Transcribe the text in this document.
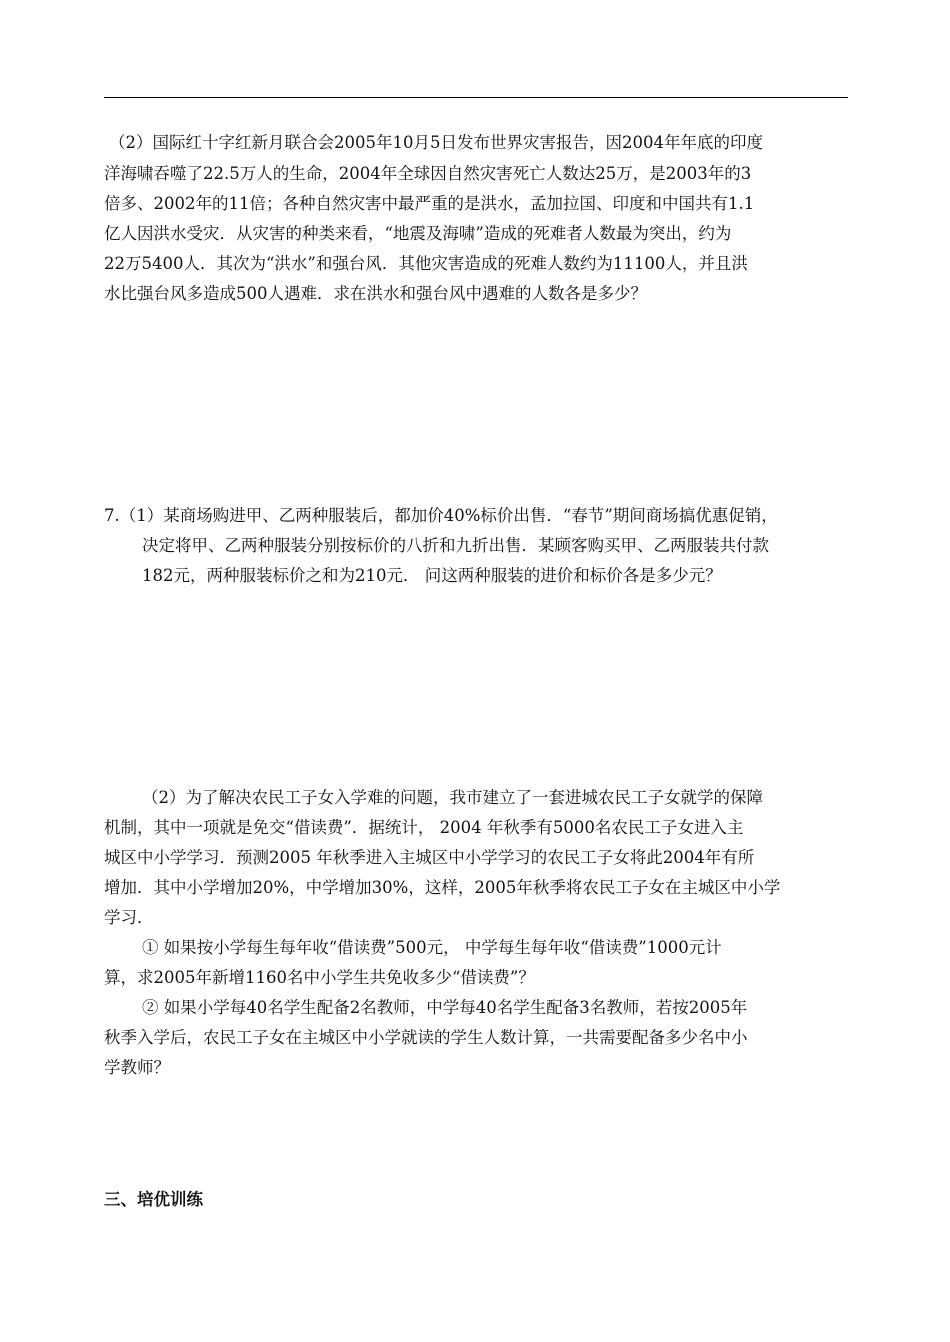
（2）国际红十字红新月联合会2005年10月5日发布世界灾害报告，因2004年年底的印度
洋海啸吞噬了22.5万人的生命，2004年全球因自然灾害死亡人数达25万，是2003年的3
倍多、2002年的11倍；各种自然灾害中最严重的是洪水，孟加拉国、印度和中国共有1.1
亿人因洪水受灾．从灾害的种类来看，“地震及海啸”造成的死难者人数最为突出，约为
22万5400人．其次为“洪水”和强台风．其他灾害造成的死难人数约为11100人，并且洪
水比强台风多造成500人遇难．求在洪水和强台风中遇难的人数各是多少？
7.（1）某商场购进甲、乙两种服装后，都加价40%标价出售．“春节”期间商场搞优惠促销，
决定将甲、乙两种服装分别按标价的八折和九折出售．某顾客购买甲、乙两服装共付款
182元，两种服装标价之和为210元． 问这两种服装的进价和标价各是多少元？
（2）为了解决农民工子女入学难的问题，我市建立了一套进城农民工子女就学的保障
机制，其中一项就是免交“借读费”．据统计， 2004 年秋季有5000名农民工子女进入主
城区中小学学习．预测2005 年秋季进入主城区中小学学习的农民工子女将此2004年有所
增加．其中小学增加20%，中学增加30%，这样，2005年秋季将农民工子女在主城区中小学
学习．
① 如果按小学每生每年收“借读费”500元， 中学每生每年收“借读费”1000元计
算，求2005年新增1160名中小学生共免收多少“借读费”？
② 如果小学每40名学生配备2名教师，中学每40名学生配备3名教师，若按2005年
秋季入学后，农民工子女在主城区中小学就读的学生人数计算，一共需要配备多少名中小
学教师？
三、培优训练
